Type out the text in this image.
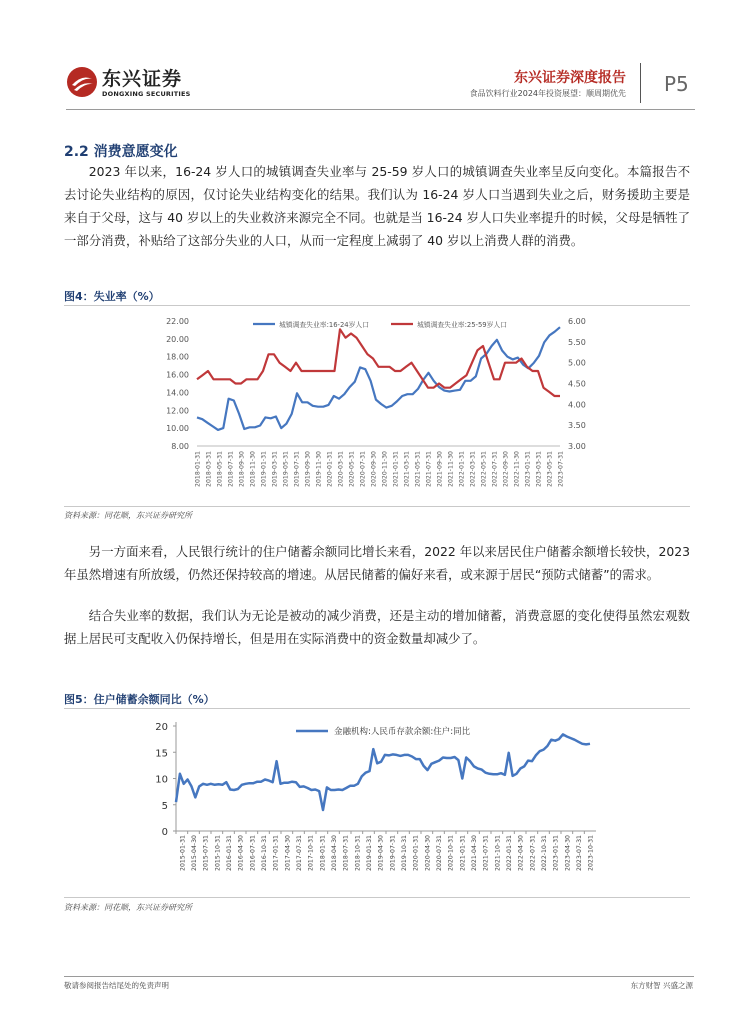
东兴证券
DONGXING SECURITIES
东兴证券深度报告
食品饮料行业2024年投资展望：顺周期优先 P5
2.2 消费意愿变化

2023 年以来，16-24 岁人口的城镇调查失业率与 25-59 岁人口的城镇调查失业率呈反向变化。本篇报告不去讨论失业结构的原因，仅讨论失业结构变化的结果。我们认为 16-24 岁人口当遇到失业之后，财务援助主要是来自于父母，这与 40 岁以上的失业救济来源完全不同。也就是当 16-24 岁人口失业率提升的时候，父母是牺牲了一部分消费，补贴给了这部分失业的人口，从而一定程度上减弱了 40 岁以上消费人群的消费。

图4：失业率（%）
22.00
20.00
18.00
16.00
14.00
12.00
10.00
8.00
6.00
5.50
5.00
4.50
4.00
3.50
3.00
2018-01-31 2018-03-31 2018-05-31 2018-07-31 2018-09-30 2018-11-30 2019-01-31 2019-03-31 2019-05-31 2019-07-31 2019-09-30 2019-11-30 2020-01-31 2020-03-31 2020-05-31 2020-07-31 2020-09-30 2020-11-30 2021-01-31 2021-03-31 2021-05-31 2021-07-31 2021-09-30 2021-11-30 2022-01-31 2022-03-31 2022-05-31 2022-07-31 2022-09-30 2022-11-30 2023-01-31 2023-03-31 2023-05-31 2023-07-31
城镇调查失业率:16-24岁人口	城镇调查失业率:25-59岁人口
资料来源：同花顺，东兴证券研究所

另一方面来看，人民银行统计的住户储蓄余额同比增长来看，2022 年以来居民住户储蓄余额增长较快，2023 年虽然增速有所放缓，仍然还保持较高的增速。从居民储蓄的偏好来看，或来源于居民“预防式储蓄”的需求。

结合失业率的数据，我们认为无论是被动的减少消费，还是主动的增加储蓄，消费意愿的变化使得虽然宏观数据上居民可支配收入仍保持增长，但是用在实际消费中的资金数量却减少了。

图5：住户储蓄余额同比（%）
20
15
10
5
0
2015-01-31 2015-04-30 2015-07-31 2015-10-31 2016-01-31 2016-04-30 2016-07-31 2016-10-31 2017-01-31 2017-04-30 2017-07-31 2017-10-31 2018-01-31 2018-04-30 2018-07-31 2018-10-31 2019-01-31 2019-04-30 2019-07-31 2019-10-31 2020-01-31 2020-04-30 2020-07-31 2020-10-31 2021-01-31 2021-04-30 2021-07-31 2021-10-31 2022-01-31 2022-04-30 2022-07-31 2022-10-31 2023-01-31 2023-04-30 2023-07-31 2023-10-31
金融机构:人民币存款余额:住户:同比
资料来源：同花顺，东兴证券研究所
敬请参阅报告结尾处的免责声明	东方财智 兴盛之源
